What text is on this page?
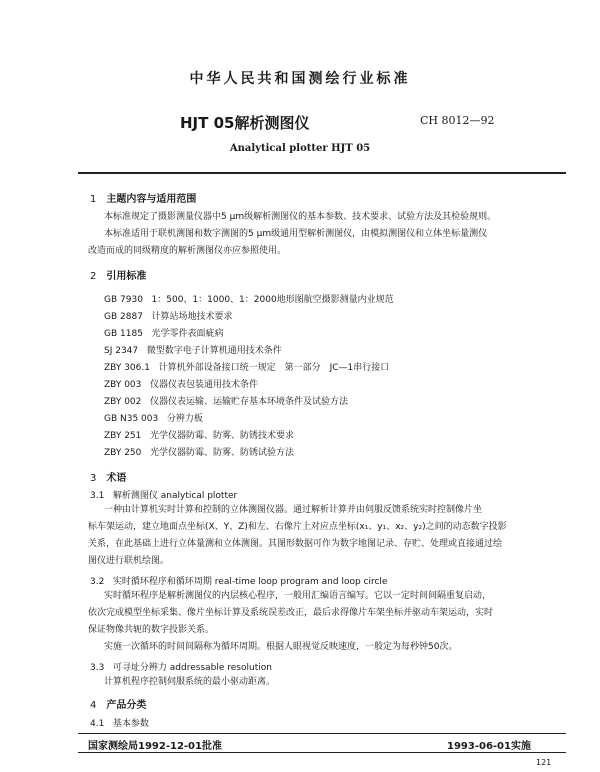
中华人民共和国测绘行业标准
HJT 05解析测图仪	CH 8012—92
Analytical plotter HJT 05
1 主题内容与适用范围
本标准规定了摄影测量仪器中5 μm级解析测图仪的基本参数、技术要求、试验方法及其检验规则。
本标准适用于联机测图和数字测图的5 μm级通用型解析测图仪，由模拟测图仪和立体坐标量测仪
改造而成的同级精度的解析测图仪亦应参照使用。
2 引用标准
GB 7930 1：500、1：1000、1：2000地形图航空摄影测量内业规范
GB 2887 计算站场地技术要求
GB 1185 光学零件表面疵病
SJ 2347 微型数字电子计算机通用技术条件
ZBY 306.1 计算机外部设备接口统一规定　第一部分　JC—1串行接口
ZBY 003 仪器仪表包装通用技术条件
ZBY 002 仪器仪表运输、运输贮存基本环境条件及试验方法
GB N35 003 分辨力板
ZBY 251 光学仪器防霉、防雾、防锈技术要求
ZBY 250 光学仪器防霉、防雾、防锈试验方法
3 术语
3.1 解析测图仪 analytical plotter
一种由计算机实时计算和控制的立体测图仪器。通过解析计算并由伺服反馈系统实时控制像片坐
标车架运动，建立地面点坐标(X、Y、Z)和左、右像片上对应点坐标(x₁、y₁、x₂、y₂)之间的动态数字投影
关系，在此基础上进行立体量测和立体测图。其图形数据可作为数字地图记录、存贮、处理或直接通过绘
图仪进行联机绘图。
3.2 实时循环程序和循环周期 real-time loop program and loop circle
实时循环程序是解析测图仪的内层核心程序，一般用汇编语言编写。它以一定时间间隔重复启动，
依次完成模型坐标采集、像片坐标计算及系统误差改正，最后求得像片车架坐标并驱动车架运动，实时
保证物像共轭的数字投影关系。
实施一次循环的时间间隔称为循环周期。根据人眼视觉反映速度，一般定为每秒钟50次。
3.3 可寻址分辨力 addressable resolution
计算机程序控制伺服系统的最小驱动距离。
4 产品分类
4.1 基本参数
国家测绘局1992-12-01批准	1993-06-01实施
121
